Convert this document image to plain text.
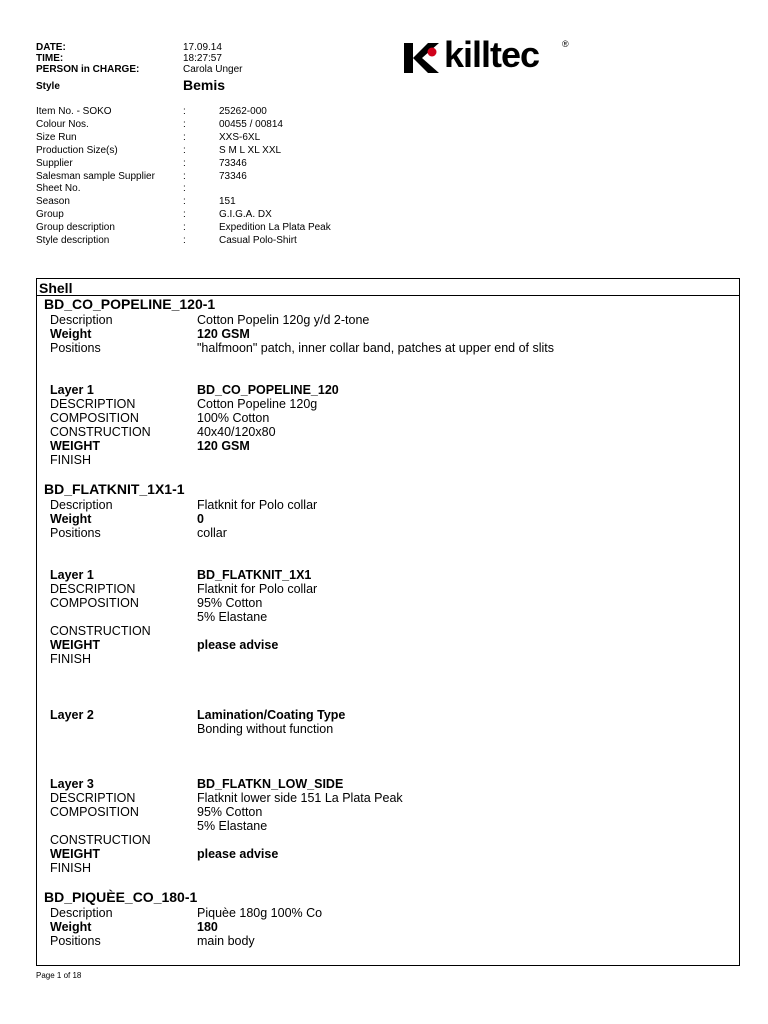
DATE:	17.09.14
TIME:	18:27:57
PERSON in CHARGE:	Carola Unger
Style	Bemis
killtec	®
Item No. - SOKO	:	25262-000
Colour Nos.	:	00455 / 00814
Size Run	:	XXS-6XL
Production Size(s)	:	S M L XL XXL
Supplier	:	73346
Salesman sample Supplier	:	73346
Sheet No.	:
Season	:	151
Group	:	G.I.G.A. DX
Group description	:	Expedition La Plata Peak
Style description	:	Casual Polo-Shirt
Shell
BD_CO_POPELINE_120-1
Description	Cotton Popelin 120g y/d 2-tone
Weight	120 GSM
Positions	"halfmoon" patch, inner collar band, patches at upper end of slits
Layer 1	BD_CO_POPELINE_120
DESCRIPTION	Cotton Popeline 120g
COMPOSITION	100% Cotton
CONSTRUCTION	40x40/120x80
WEIGHT	120 GSM
FINISH
BD_FLATKNIT_1X1-1
Description	Flatknit for Polo collar
Weight	0
Positions	collar
Layer 1	BD_FLATKNIT_1X1
DESCRIPTION	Flatknit for Polo collar
COMPOSITION	95% Cotton
5% Elastane
CONSTRUCTION
WEIGHT	please advise
FINISH
Layer 2	Lamination/Coating Type
Bonding without function
Layer 3	BD_FLATKN_LOW_SIDE
DESCRIPTION	Flatknit lower side 151 La Plata Peak
COMPOSITION	95% Cotton
5% Elastane
CONSTRUCTION
WEIGHT	please advise
FINISH
BD_PIQUÈE_CO_180-1
Description	Piquèe 180g 100% Co
Weight	180
Positions	main body
Page 1 of 18
